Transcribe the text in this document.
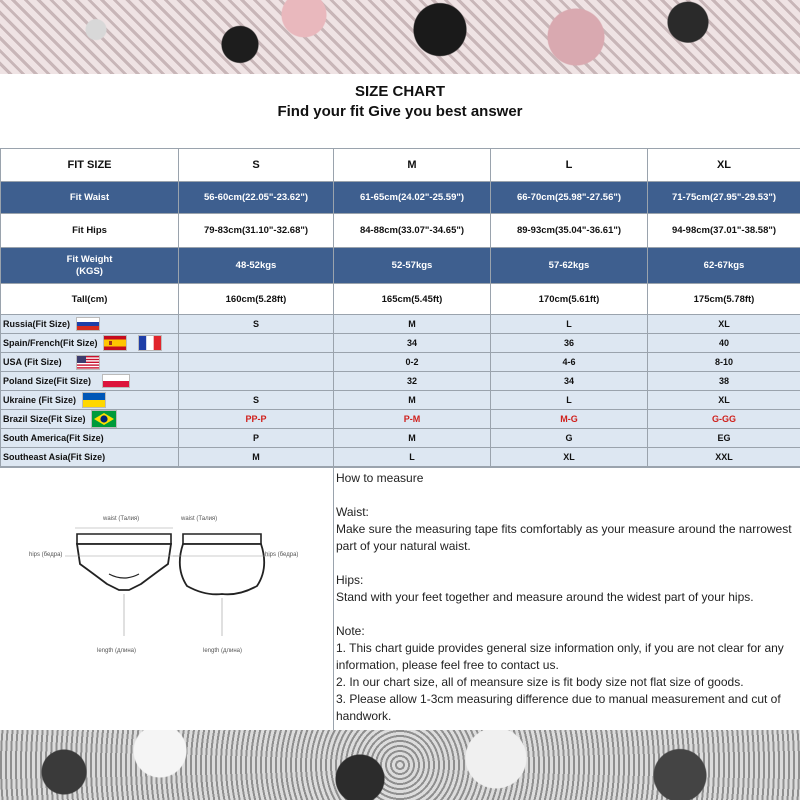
SIZE CHART
Find your fit Give you best answer
FIT SIZE	S	M	L	XL
Fit Waist	56-60cm(22.05"-23.62")	61-65cm(24.02"-25.59")	66-70cm(25.98"-27.56")	71-75cm(27.95"-29.53")
Fit Hips	79-83cm(31.10"-32.68")	84-88cm(33.07"-34.65")	89-93cm(35.04"-36.61")	94-98cm(37.01"-38.58")
Fit Weight
(KGS)	48-52kgs	52-57kgs	57-62kgs	62-67kgs
Tall(cm)	160cm(5.28ft)	165cm(5.45ft)	170cm(5.61ft)	175cm(5.78ft)
Russia(Fit Size)	S	M	L	XL
Spain/French(Fit Size)		34	36	40
USA (Fit Size)		0-2	4-6	8-10
Poland Size(Fit Size)		32	34	38
Ukraine (Fit Size)	S	M	L	XL
Brazil Size(Fit Size)	PP-P	P-M	M-G	G-GG
South America(Fit Size)	P	M	G	EG
Southeast Asia(Fit Size)	M	L	XL	XXL
waist (Талия)
hips (бедра)
length (длина)
waist (Талия)
hips (бедра)
length (длина)

How to measure

Waist:

Make sure the measuring tape fits comfortably as your measure around the narrowest part of your natural waist.

Hips:

Stand with your feet together and measure around the widest part of your hips.

Note:

1. This chart guide provides general size information only, if you are not clear for any information, please feel free to contact us.

2. In our chart size, all of meansure size is fit body size not flat size of goods.

3. Please allow 1-3cm measuring difference due to manual measurement and cut of handwork.
